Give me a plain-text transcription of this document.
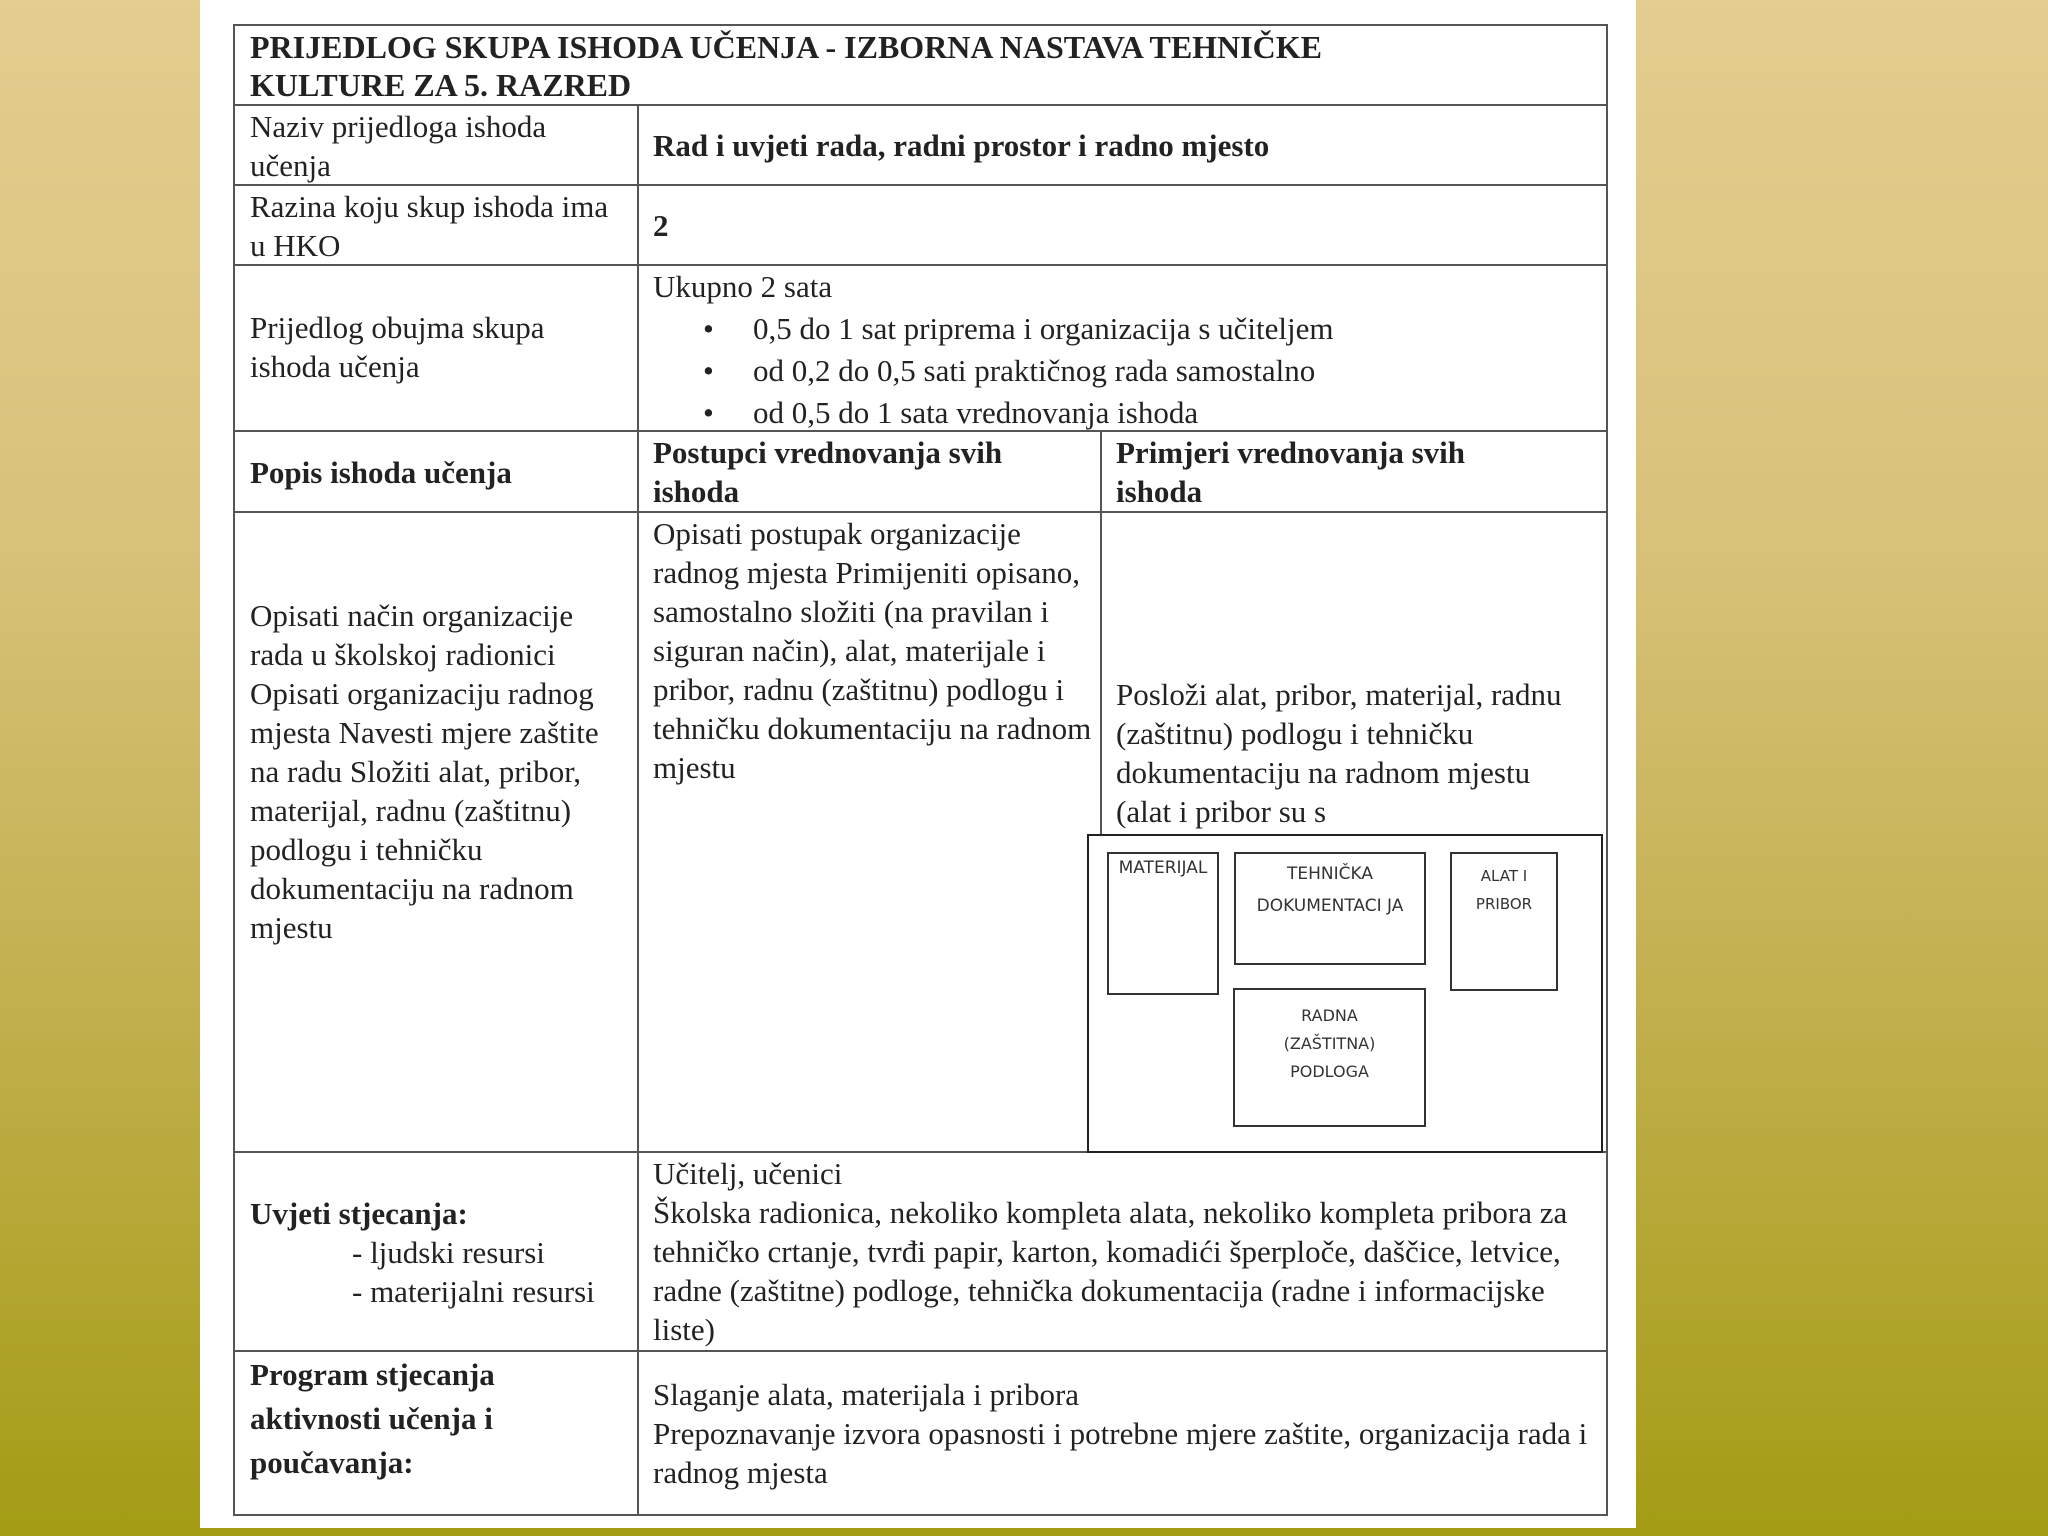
PRIJEDLOG SKUPA ISHODA UČENJA - IZBORNA NASTAVA TEHNIČKE KULTURE ZA 5. RAZRED
Naziv prijedloga ishoda učenja
Rad i uvjeti rada, radni prostor i radno mjesto
Razina koju skup ishoda ima u HKO
2
Prijedlog obujma skupa ishoda učenja
Ukupno 2 sata
• 0,5 do 1 sat priprema i organizacija s učiteljem
• od 0,2 do 0,5 sati praktičnog rada samostalno
• od 0,5 do 1 sata vrednovanja ishoda
Popis ishoda učenja
Postupci vrednovanja svih ishoda
Primjeri vrednovanja svih ishoda
Opisati način organizacije rada u školskoj radionici Opisati organizaciju radnog mjesta Navesti mjere zaštite na radu Složiti alat, pribor, materijal, radnu (zaštitnu) podlogu i tehničku dokumentaciju na radnom mjestu
Opisati postupak organizacije radnog mjesta Primijeniti opisano, samostalno složiti (na pravilan i siguran način), alat, materijale i pribor, radnu (zaštitnu) podlogu i tehničku dokumentaciju na radnom mjestu
Posloži alat, pribor, materijal, radnu (zaštitnu) podlogu i tehničku dokumentaciju na radnom mjestu (alat i pribor su s
Uvjeti stjecanja:
- ljudski resursi
- materijalni resursi
Učitelj, učenici
Školska radionica, nekoliko kompleta alata, nekoliko kompleta pribora za tehničko crtanje, tvrđi papir, karton, komadići šperploče, daščice, letvice, radne (zaštitne) podloge, tehnička dokumentacija (radne i informacijske liste)
Program stjecanja aktivnosti učenja i poučavanja:
Slaganje alata, materijala i pribora
Prepoznavanje izvora opasnosti i potrebne mjere zaštite, organizacija rada i radnog mjesta
MATERIJAL	TEHNIČKA DOKUMENTACI JA
ALAT I PRIBOR
RADNA (ZAŠTITNA) PODLOGA
